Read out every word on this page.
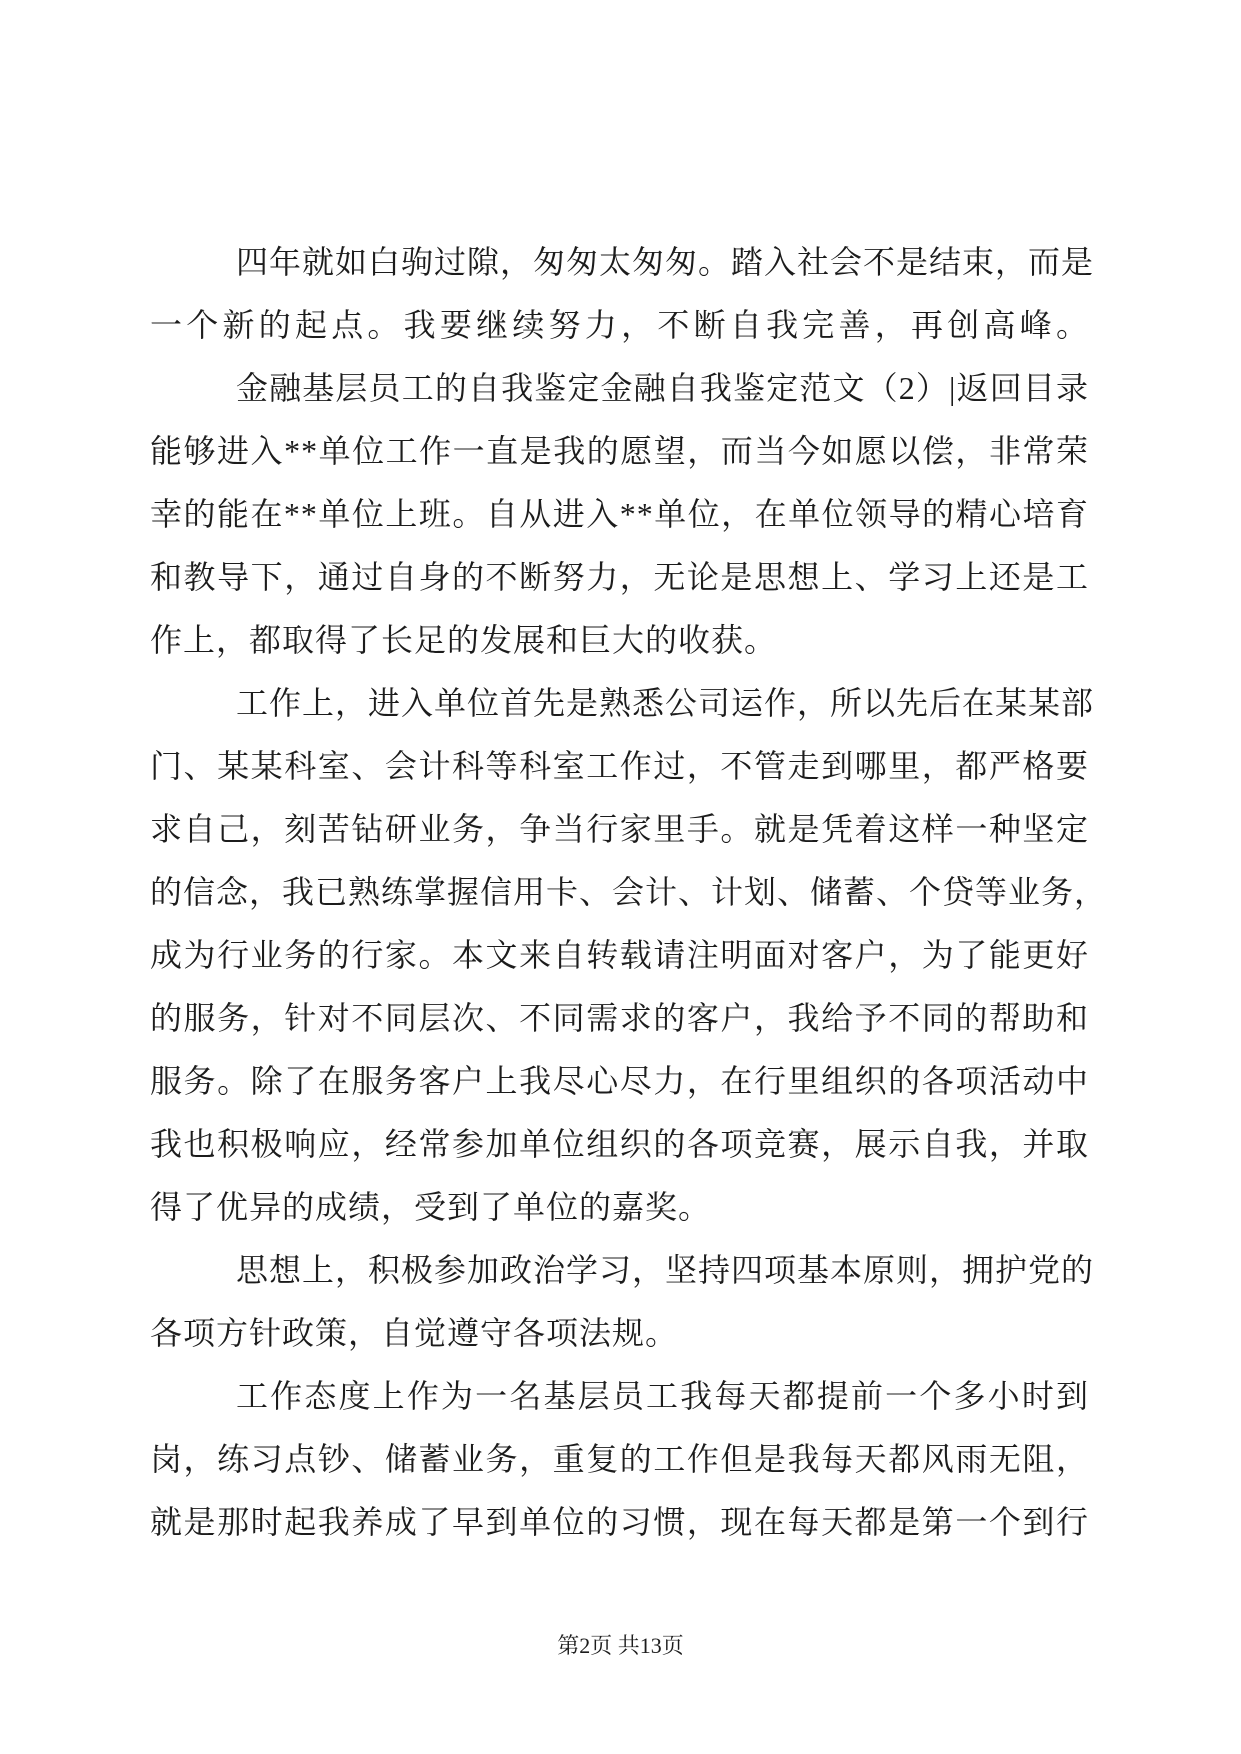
四年就如白驹过隙，匆匆太匆匆。踏入社会不是结束，而是
一个新的起点。我要继续努力，不断自我完善，再创高峰。
金融基层员工的自我鉴定金融自我鉴定范文（2）|返回目录
能够进入**单位工作一直是我的愿望，而当今如愿以偿，非常荣
幸的能在**单位上班。自从进入**单位，在单位领导的精心培育
和教导下，通过自身的不断努力，无论是思想上、学习上还是工
作上，都取得了长足的发展和巨大的收获。
工作上，进入单位首先是熟悉公司运作，所以先后在某某部
门、某某科室、会计科等科室工作过，不管走到哪里，都严格要
求自己，刻苦钻研业务，争当行家里手。就是凭着这样一种坚定
的信念，我已熟练掌握信用卡、会计、计划、储蓄、个贷等业务，
成为行业务的行家。本文来自转载请注明面对客户，为了能更好
的服务，针对不同层次、不同需求的客户，我给予不同的帮助和
服务。除了在服务客户上我尽心尽力，在行里组织的各项活动中
我也积极响应，经常参加单位组织的各项竞赛，展示自我，并取
得了优异的成绩，受到了单位的嘉奖。
思想上，积极参加政治学习，坚持四项基本原则，拥护党的
各项方针政策，自觉遵守各项法规。
工作态度上作为一名基层员工我每天都提前一个多小时到
岗，练习点钞、储蓄业务，重复的工作但是我每天都风雨无阻，
就是那时起我养成了早到单位的习惯，现在每天都是第一个到行
第2页 共13页
